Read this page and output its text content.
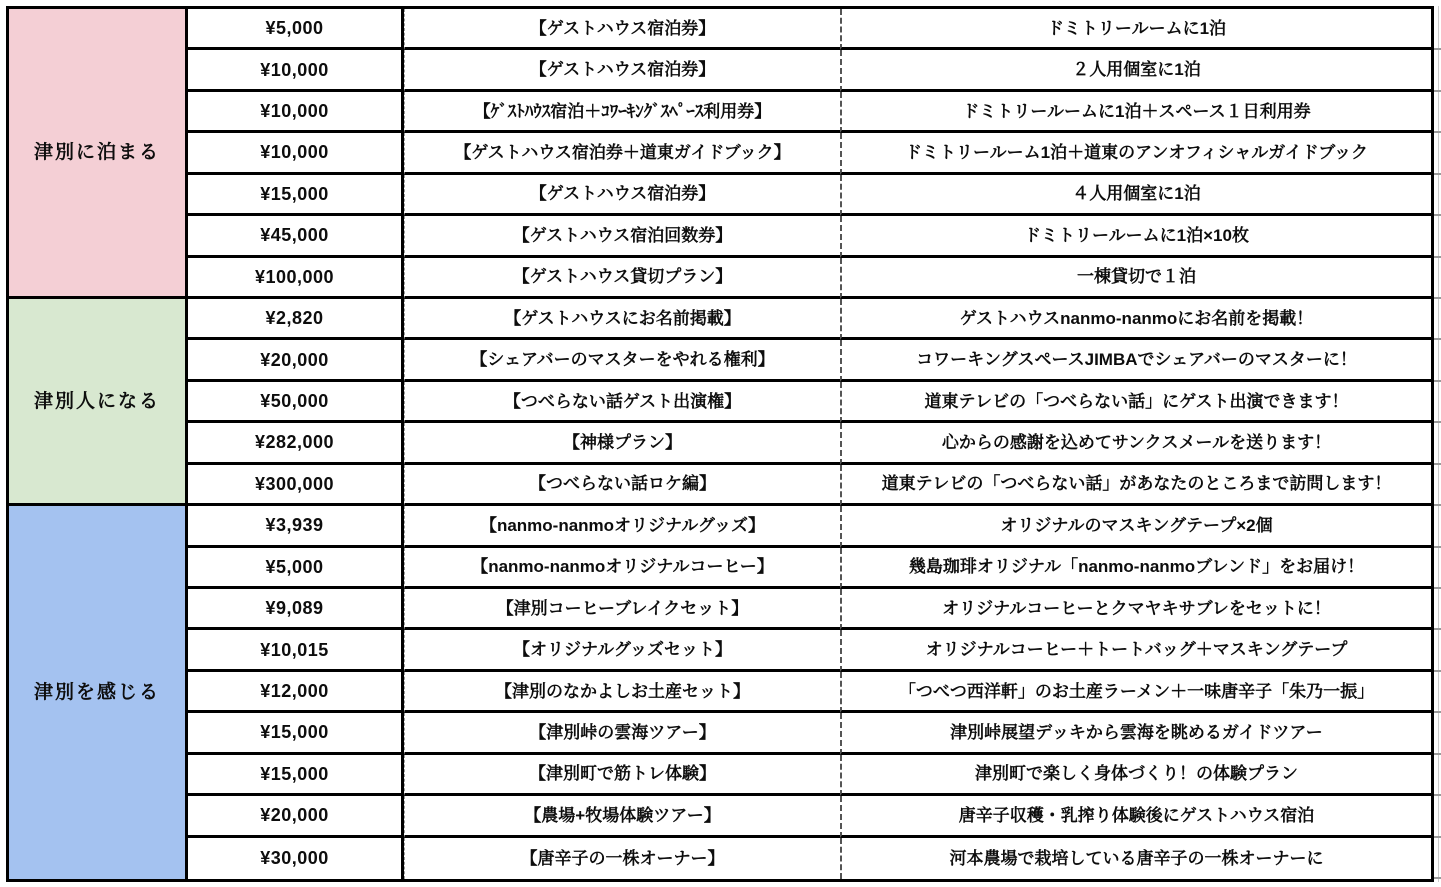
津別に泊まる
¥5,000	【ゲストハウス宿泊券】	ドミトリールームに1泊
¥10,000	【ゲストハウス宿泊券】	２人用個室に1泊
¥10,000	【ｹﾞｽﾄﾊｳｽ宿泊＋ｺﾜｰｷﾝｸﾞｽﾍﾟｰｽ利用券】	ドミトリールームに1泊＋スペース１日利用券
¥10,000	【ゲストハウス宿泊券＋道東ガイドブック】	ドミトリールーム1泊＋道東のアンオフィシャルガイドブック
¥15,000	【ゲストハウス宿泊券】	４人用個室に1泊
¥45,000	【ゲストハウス宿泊回数券】	ドミトリールームに1泊×10枚
¥100,000	【ゲストハウス貸切プラン】	一棟貸切で１泊
津別人になる
¥2,820	【ゲストハウスにお名前掲載】	ゲストハウスnanmo-nanmoにお名前を掲載！
¥20,000	【シェアバーのマスターをやれる権利】	コワーキングスペースJIMBAでシェアバーのマスターに！
¥50,000	【つべらない話ゲスト出演権】	道東テレビの「つべらない話」にゲスト出演できます！
¥282,000	【神様プラン】	心からの感謝を込めてサンクスメールを送ります！
¥300,000	【つべらない話ロケ編】	道東テレビの「つべらない話」があなたのところまで訪問します！
津別を感じる
¥3,939	【nanmo-nanmoオリジナルグッズ】	オリジナルのマスキングテープ×2個
¥5,000	【nanmo-nanmoオリジナルコーヒー】	幾島珈琲オリジナル「nanmo-nanmoブレンド」をお届け！
¥9,089	【津別コーヒーブレイクセット】	オリジナルコーヒーとクマヤキサブレをセットに！
¥10,015	【オリジナルグッズセット】	オリジナルコーヒー＋トートバッグ＋マスキングテープ
¥12,000	【津別のなかよしお土産セット】	「つべつ西洋軒」のお土産ラーメン＋一味唐辛子「朱乃一振」
¥15,000	【津別峠の雲海ツアー】	津別峠展望デッキから雲海を眺めるガイドツアー
¥15,000	【津別町で筋トレ体験】	津別町で楽しく身体づくり！の体験プラン
¥20,000	【農場+牧場体験ツアー】	唐辛子収穫・乳搾り体験後にゲストハウス宿泊
¥30,000	【唐辛子の一株オーナー】	河本農場で栽培している唐辛子の一株オーナーに
